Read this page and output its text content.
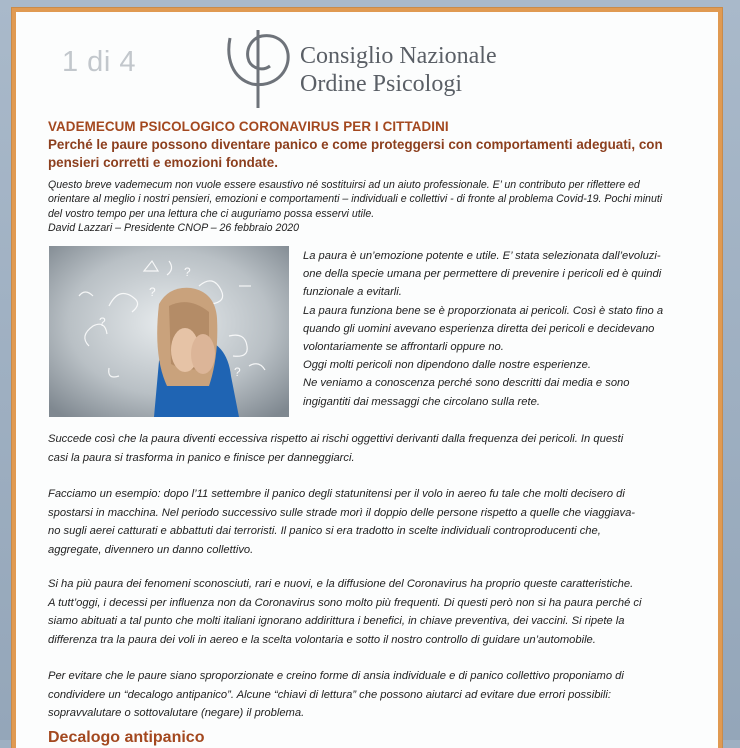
1 di 4	Consiglio Nazionale
Ordine Psicologi
VADEMECUM PSICOLOGICO CORONAVIRUS PER I CITTADINI
Perché le paure possono diventare panico e come proteggersi con comportamenti adeguati, con
pensieri corretti e emozioni fondate.
Questo breve vademecum non vuole essere esaustivo né sostituirsi ad un aiuto professionale. E’ un contributo per riflettere ed
orientare al meglio i nostri pensieri, emozioni e comportamenti – individuali e collettivi - di fronte al problema Covid-19. Pochi minuti
del vostro tempo per una lettura che ci auguriamo possa esservi utile.
David Lazzari – Presidente CNOP – 26 febbraio 2020
?
?
?
?
La paura è un’emozione potente e utile. E’ stata selezionata dall’evoluzi-
one della specie umana per permettere di prevenire i pericoli ed è quindi
funzionale a evitarli.
La paura funziona bene se è proporzionata ai pericoli. Così è stato fino a
quando gli uomini avevano esperienza diretta dei pericoli e decidevano
volontariamente se affrontarli oppure no.
Oggi molti pericoli non dipendono dalle nostre esperienze.
Ne veniamo a conoscenza perché sono descritti dai media e sono
ingigantiti dai messaggi che circolano sulla rete.
Succede così che la paura diventi eccessiva rispetto ai rischi oggettivi derivanti dalla frequenza dei pericoli. In questi
casi la paura si trasforma in panico e finisce per danneggiarci.
Facciamo un esempio: dopo l’11 settembre il panico degli statunitensi per il volo in aereo fu tale che molti decisero di
spostarsi in macchina. Nel periodo successivo sulle strade morì il doppio delle persone rispetto a quelle che viaggiava-
no sugli aerei catturati e abbattuti dai terroristi. Il panico si era tradotto in scelte individuali controproducenti che,
aggregate, divennero un danno collettivo.
Si ha più paura dei fenomeni sconosciuti, rari e nuovi, e la diffusione del Coronavirus ha proprio queste caratteristiche.
A tutt’oggi, i decessi per influenza non da Coronavirus sono molto più frequenti. Di questi però non si ha paura perché ci
siamo abituati a tal punto che molti italiani ignorano addirittura i benefici, in chiave preventiva, dei vaccini. Si ripete la
differenza tra la paura dei voli in aereo e la scelta volontaria e sotto il nostro controllo di guidare un’automobile.
Per evitare che le paure siano sproporzionate e creino forme di ansia individuale e di panico collettivo proponiamo di
condividere un “decalogo antipanico”. Alcune “chiavi di lettura” che possono aiutarci ad evitare due errori possibili:
sopravvalutare o sottovalutare (negare) il problema.
Decalogo antipanico
